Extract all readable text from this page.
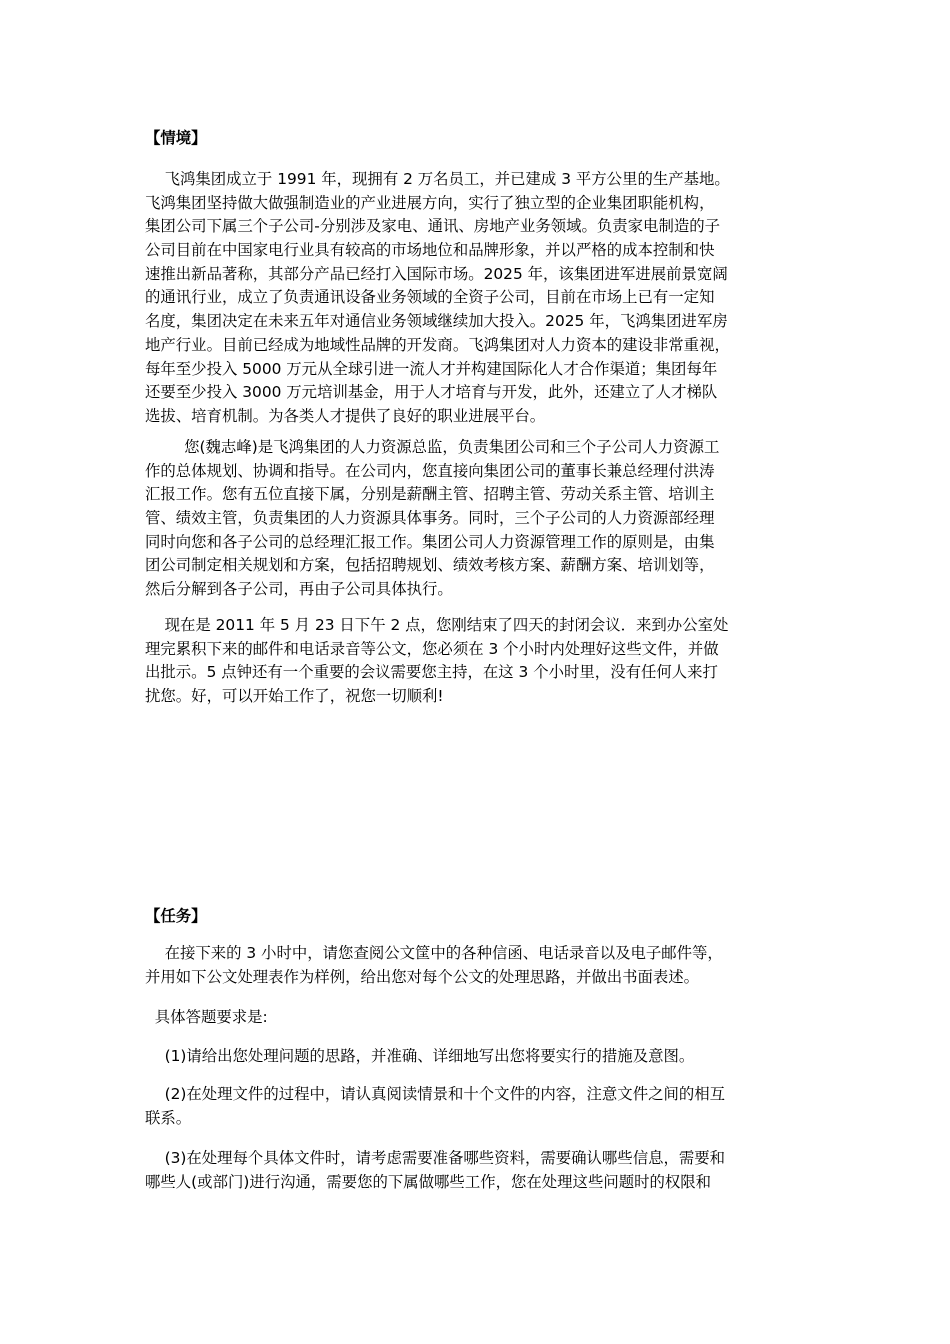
【情境】
飞鸿集团成立于 1991 年，现拥有 2 万名员工，并已建成 3 平方公里的生产基地。
飞鸿集团坚持做大做强制造业的产业进展方向，实行了独立型的企业集团职能机构，
集团公司下属三个子公司-分别涉及家电、通讯、房地产业务领域。负责家电制造的子
公司目前在中国家电行业具有较高的市场地位和品牌形象，并以严格的成本控制和快
速推出新品著称，其部分产品已经打入国际市场。2025 年，该集团进军进展前景宽阔
的通讯行业，成立了负责通讯设备业务领域的全资子公司，目前在市场上已有一定知
名度，集团决定在未来五年对通信业务领域继续加大投入。2025 年，飞鸿集团进军房
地产行业。目前已经成为地域性品牌的开发商。飞鸿集团对人力资本的建设非常重视，
每年至少投入 5000 万元从全球引进一流人才并构建国际化人才合作渠道；集团每年
还要至少投入 3000 万元培训基金，用于人才培育与开发，此外，还建立了人才梯队
选拔、培育机制。为各类人才提供了良好的职业进展平台。
您(魏志峰)是飞鸿集团的人力资源总监，负责集团公司和三个子公司人力资源工
作的总体规划、协调和指导。在公司内，您直接向集团公司的董事长兼总经理付洪涛
汇报工作。您有五位直接下属，分别是薪酬主管、招聘主管、劳动关系主管、培训主
管、绩效主管，负责集团的人力资源具体事务。同时，三个子公司的人力资源部经理
同时向您和各子公司的总经理汇报工作。集团公司人力资源管理工作的原则是，由集
团公司制定相关规划和方案，包括招聘规划、绩效考核方案、薪酬方案、培训划等，
然后分解到各子公司，再由子公司具体执行。
现在是 2011 年 5 月 23 日下午 2 点，您刚结束了四天的封闭会议．来到办公室处
理完累积下来的邮件和电话录音等公文，您必须在 3 个小时内处理好这些文件，并做
出批示。5 点钟还有一个重要的会议需要您主持，在这 3 个小时里，没有任何人来打
扰您。好，可以开始工作了，祝您一切顺利!
【任务】
在接下来的 3 小时中，请您查阅公文筐中的各种信函、电话录音以及电子邮件等，
并用如下公文处理表作为样例，给出您对每个公文的处理思路，并做出书面表述。
具体答题要求是:
(1)请给出您处理问题的思路，并准确、详细地写出您将要实行的措施及意图。
(2)在处理文件的过程中，请认真阅读情景和十个文件的内容，注意文件之间的相互
联系。
(3)在处理每个具体文件时，请考虑需要准备哪些资料，需要确认哪些信息，需要和
哪些人(或部门)进行沟通，需要您的下属做哪些工作，您在处理这些问题时的权限和
